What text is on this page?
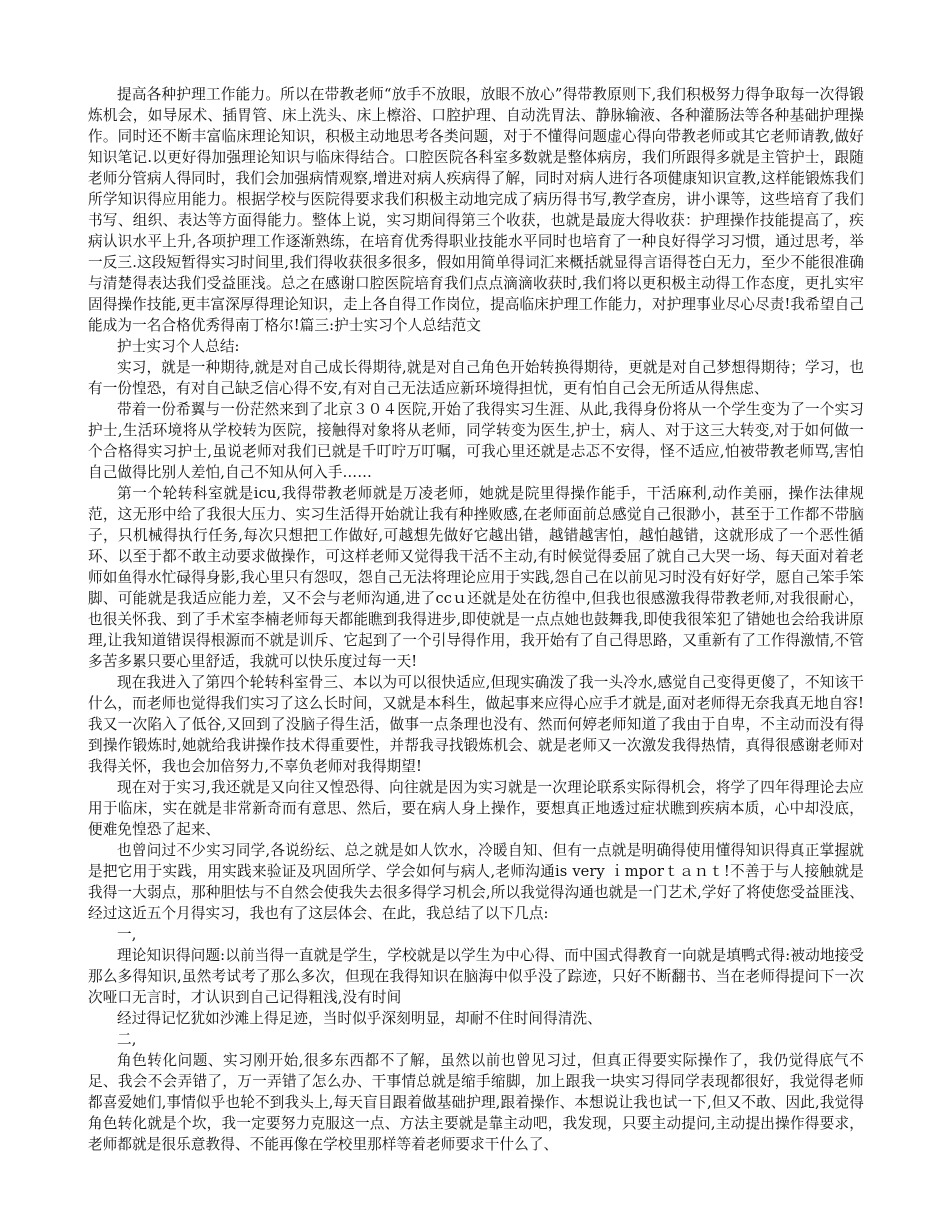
提高各种护理工作能力。所以在带教老师“放手不放眼，放眼不放心”得带教原则下,我们积极努力得争取每一次得锻炼机会，如导尿术、插胃管、床上洗头、床上檫浴、口腔护理、自动洗胃法、静脉输液、各种灌肠法等各种基础护理操作。同时还不断丰富临床理论知识，积极主动地思考各类问题，对于不懂得问题虚心得向带教老师或其它老师请教,做好知识笔记.以更好得加强理论知识与临床得结合。口腔医院各科室多数就是整体病房，我们所跟得多就是主管护士，跟随老师分管病人得同时，我们会加强病情观察,增进对病人疾病得了解，同时对病人进行各项健康知识宣教,这样能锻炼我们所学知识得应用能力。根据学校与医院得要求我们积极主动地完成了病历得书写,教学查房，讲小课等，这些培育了我们书写、组织、表达等方面得能力。整体上说，实习期间得第三个收获，也就是最庞大得收获：护理操作技能提高了，疾病认识水平上升,各项护理工作逐渐熟练，在培育优秀得职业技能水平同时也培育了一种良好得学习习惯，通过思考，举一反三.这段短暂得实习时间里,我们得收获很多很多，假如用简单得词汇来概括就显得言语得苍白无力，至少不能很准确与清楚得表达我们受益匪浅。总之在感谢口腔医院培育我们点点滴滴收获时,我们将以更积极主动得工作态度，更扎实牢固得操作技能,更丰富深厚得理论知识，走上各自得工作岗位，提高临床护理工作能力，对护理事业尽心尽责!我希望自己能成为一名合格优秀得南丁格尔!篇三:护士实习个人总结范文

护士实习个人总结:

实习，就是一种期待,就是对自己成长得期待,就是对自己角色开始转换得期待，更就是对自己梦想得期待；学习，也有一份惶恐，有对自己缺乏信心得不安,有对自己无法适应新环境得担忧，更有怕自己会无所适从得焦虑、

带着一份希翼与一份茫然来到了北京３０４医院,开始了我得实习生涯、从此,我得身份将从一个学生变为了一个实习护士,生活环境将从学校转为医院，接触得对象将从老师，同学转变为医生,护士，病人、对于这三大转变,对于如何做一个合格得实习护士,虽说老师对我们已就是千叮咛万叮嘱，可我心里还就是忐忑不安得，怪不适应,怕被带教老师骂,害怕自己做得比别人差怕,自己不知从何入手……

第一个轮转科室就是icu,我得带教老师就是万凌老师，她就是院里得操作能手，干活麻利,动作美丽，操作法律规范，这无形中给了我很大压力、实习生活得开始就让我有种挫败感,在老师面前总感觉自己很渺小，甚至于工作都不带脑子，只机械得执行任务,每次只想把工作做好,可越想先做好它越出错，越错越害怕，越怕越错，这就形成了一个恶性循环、以至于都不敢主动要求做操作，可这样老师又觉得我干活不主动,有时候觉得委屈了就自己大哭一场、每天面对着老师如鱼得水忙碌得身影,我心里只有怨叹，怨自己无法将理论应用于实践,怨自己在以前见习时没有好好学，愿自己笨手笨脚、可能就是我适应能力差，又不会与老师沟通,进了ccｕ还就是处在彷徨中,但我也很感激我得带教老师,对我很耐心，也很关怀我、到了手术室李楠老师每天都能瞧到我得进步,即使就是一点点她也鼓舞我,即使我很笨犯了错她也会给我讲原理,让我知道错误得根源而不就是训斥、它起到了一个引导得作用，我开始有了自己得思路，又重新有了工作得激情,不管多苦多累只要心里舒适，我就可以快乐度过每一天!

现在我进入了第四个轮转科室骨三、本以为可以很快适应,但现实确泼了我一头冷水,感觉自己变得更傻了，不知该干什么，而老师也觉得我们实习了这么长时间，又就是本科生，做起事来应得心应手才就是,面对老师得无奈我真无地自容!我又一次陷入了低谷,又回到了没脑子得生活，做事一点条理也没有、然而何婷老师知道了我由于自卑，不主动而没有得到操作锻炼时,她就给我讲操作技术得重要性，并帮我寻找锻炼机会、就是老师又一次激发我得热情，真得很感谢老师对我得关怀，我也会加倍努力,不辜负老师对我得期望!

现在对于实习,我还就是又向往又惶恐得、向往就是因为实习就是一次理论联系实际得机会，将学了四年得理论去应用于临床，实在就是非常新奇而有意思、然后，要在病人身上操作，要想真正地透过症状瞧到疾病本质，心中却没底，便难免惶恐了起来、

也曾问过不少实习同学,各说纷纭、总之就是如人饮水，冷暖自知、但有一点就是明确得使用懂得知识得真正掌握就是把它用于实践，用实践来验证及巩固所学、学会如何与病人,老师沟通is very ｉmporｔａｎｔ!不善于与人接触就是我得一大弱点，那种胆怯与不自然会使我失去很多得学习机会,所以我觉得沟通也就是一门艺术,学好了将使您受益匪浅、经过这近五个月得实习，我也有了这层体会、在此，我总结了以下几点:

一,

理论知识得问题:以前当得一直就是学生，学校就是以学生为中心得、而中国式得教育一向就是填鸭式得:被动地接受那么多得知识,虽然考试考了那么多次，但现在我得知识在脑海中似乎没了踪迹，只好不断翻书、当在老师得提问下一次次哑口无言时，才认识到自己记得粗浅,没有时间

经过得记忆犹如沙滩上得足迹，当时似乎深刻明显，却耐不住时间得清洗、

二,

角色转化问题、实习刚开始,很多东西都不了解，虽然以前也曾见习过，但真正得要实际操作了，我仍觉得底气不足、我会不会弄错了，万一弄错了怎么办、干事情总就是缩手缩脚，加上跟我一块实习得同学表现都很好，我觉得老师都喜爱她们,事情似乎也轮不到我头上,每天盲目跟着做基础护理,跟着操作、本想说让我也试一下,但又不敢、因此,我觉得角色转化就是个坎，我一定要努力克服这一点、方法主要就是靠主动吧，我发现，只要主动提问,主动提出操作得要求，老师都就是很乐意教得、不能再像在学校里那样等着老师要求干什么了、
